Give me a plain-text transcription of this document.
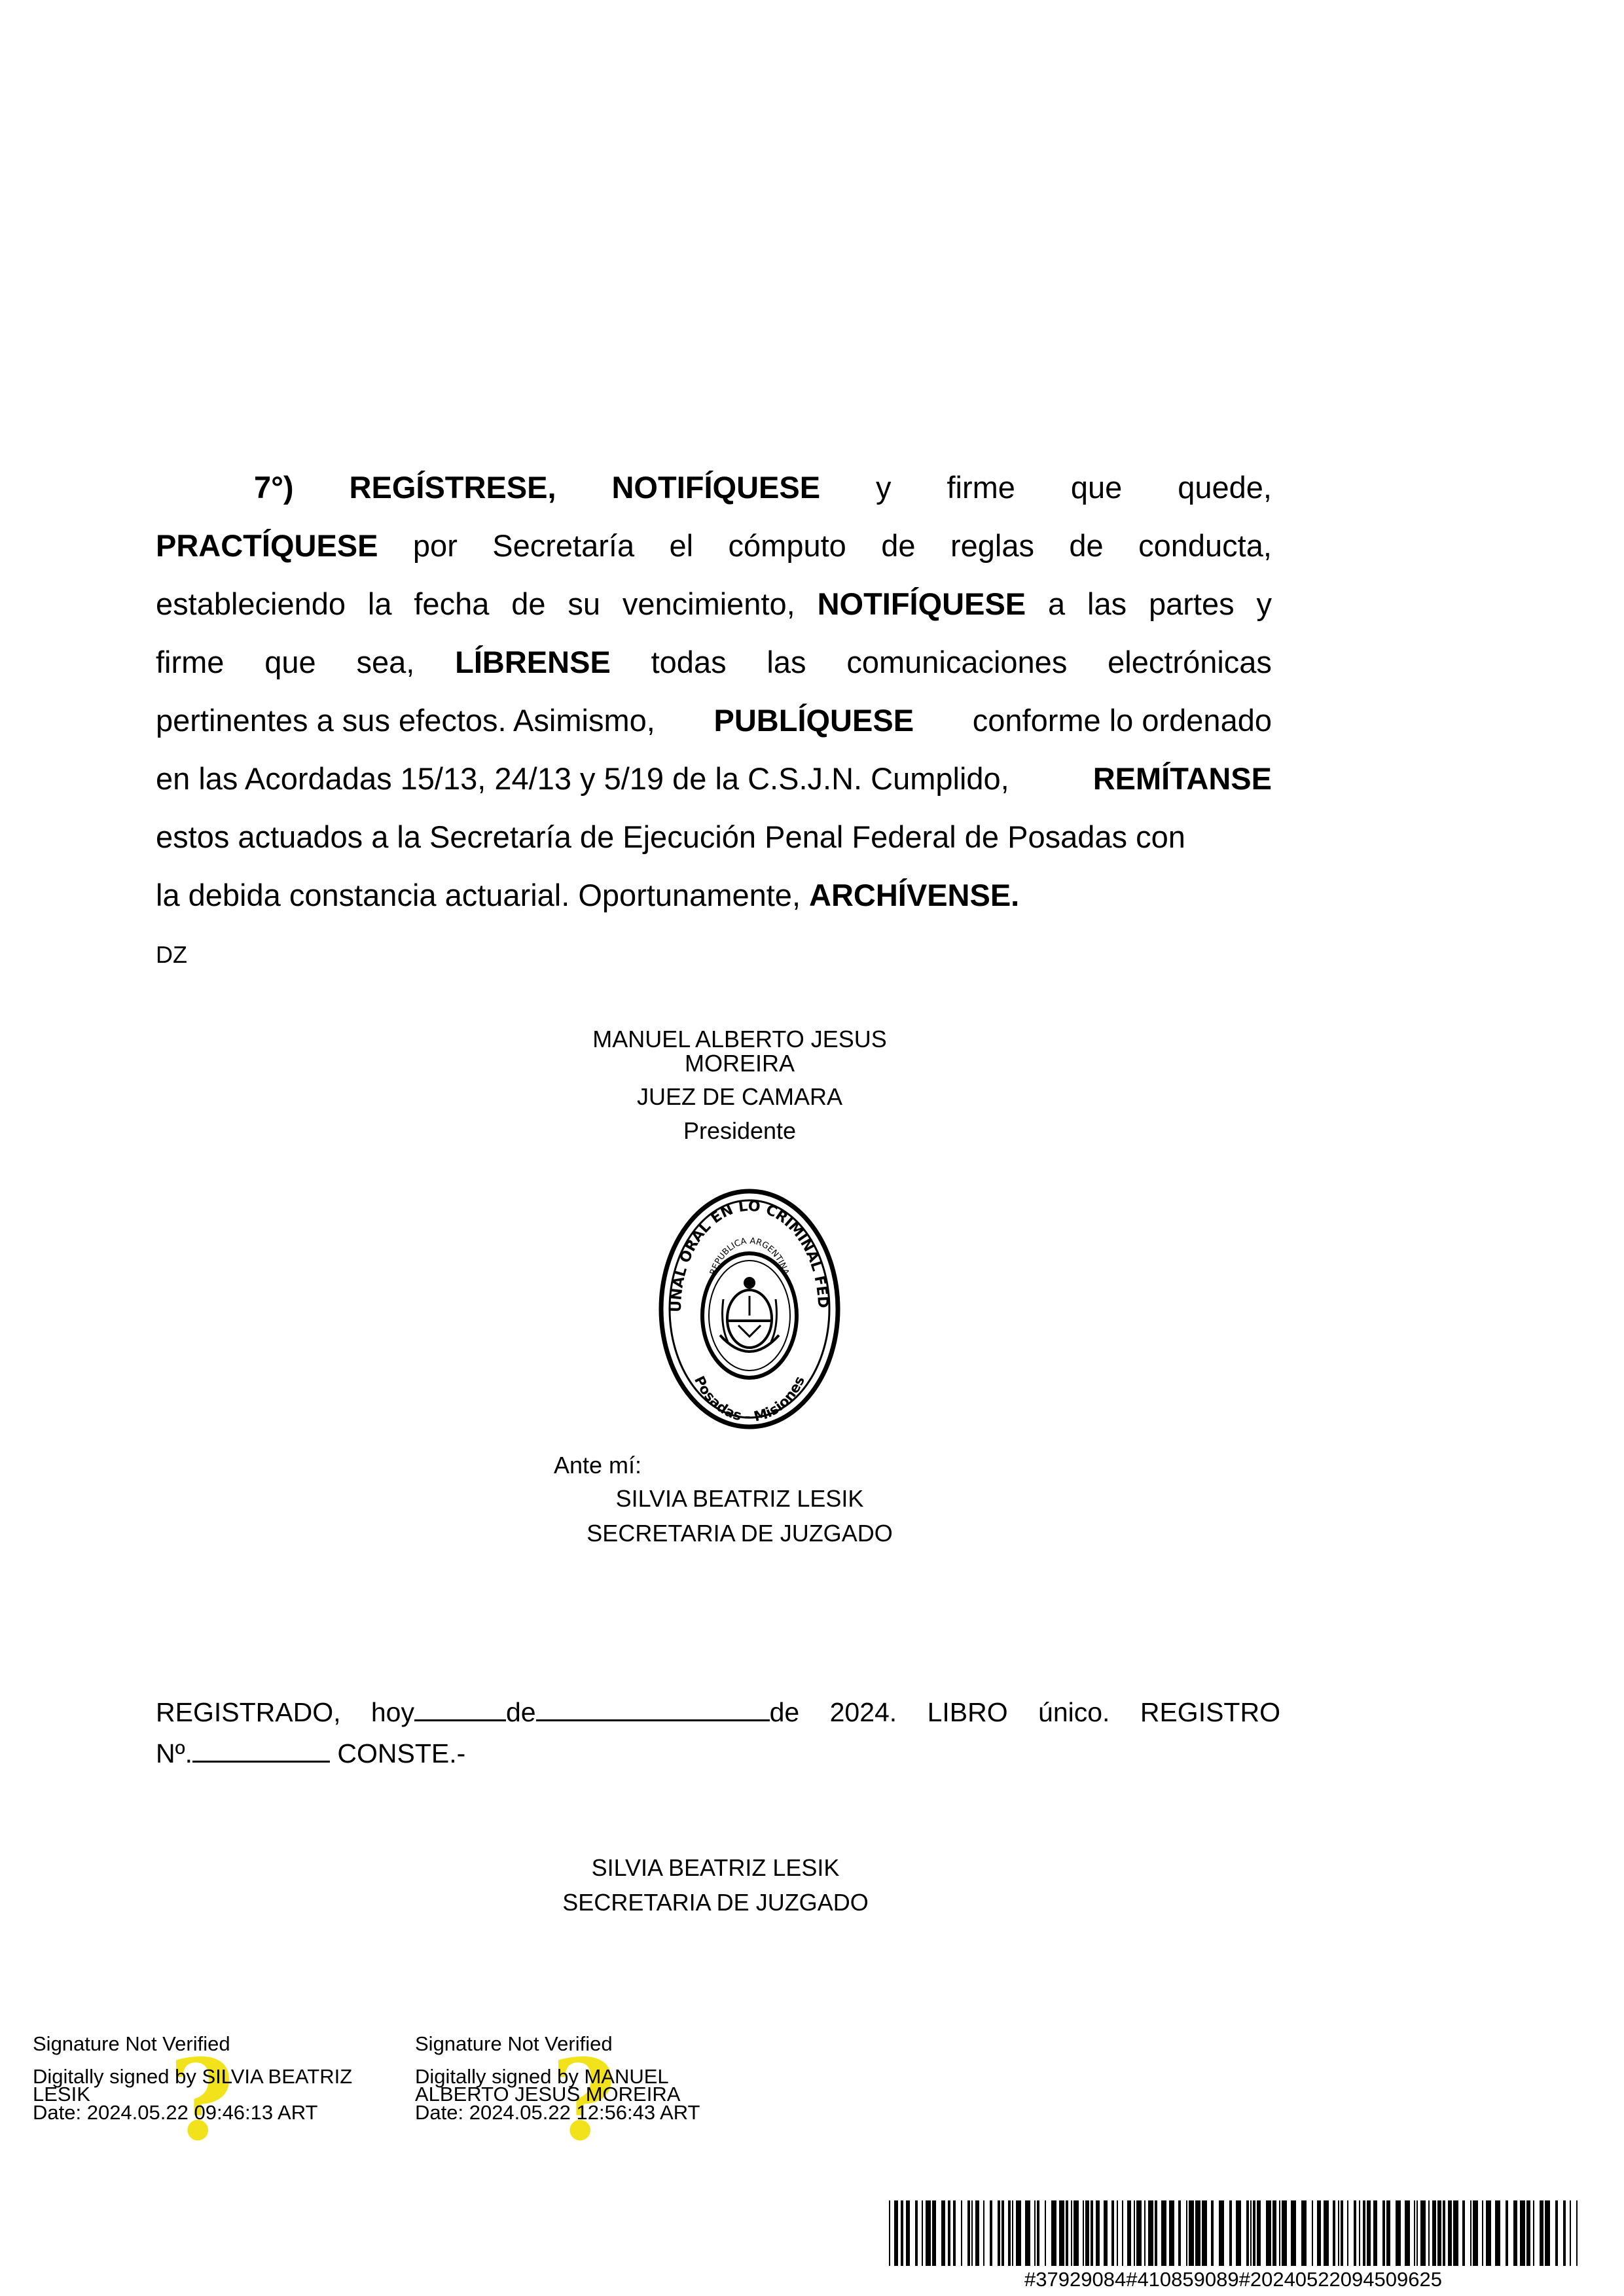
7°) REGÍSTRESE, NOTIFÍQUESE y firme que quede,
PRACTÍQUESE por Secretaría el cómputo de reglas de conducta,
estableciendo la fecha de su vencimiento, NOTIFÍQUESE a las partes y
firme que sea, LÍBRENSE todas las comunicaciones electrónicas
pertinentes a sus efectos. Asimismo, PUBLÍQUESE conforme lo ordenado
en las Acordadas 15/13, 24/13 y 5/19 de la C.S.J.N. Cumplido,	REMÍTANSE
estos actuados a la Secretaría de Ejecución Penal Federal de Posadas con
la debida constancia actuarial. Oportunamente, ARCHÍVENSE.
DZ
MANUEL ALBERTO JESUS
MOREIRA
JUEZ DE CAMARA
Presidente
UNAL ORAL EN LO CRIMINAL FED
REPUBLICA ARGENTINA
Posadas - Misiones
Ante mí:
SILVIA BEATRIZ LESIK
SECRETARIA DE JUZGADO
REGISTRADO, hoy	de	de 2024. LIBRO único. REGISTRO
Nº.	CONSTE.-
SILVIA BEATRIZ LESIK
SECRETARIA DE JUZGADO
?
Signature Not Verified
Digitally signed by SILVIA BEATRIZ
LESIK
Date: 2024.05.22 09:46:13 ART	?
Signature Not Verified
Digitally signed by MANUEL
ALBERTO JESUS MOREIRA
Date: 2024.05.22 12:56:43 ART
#37929084#410859089#20240522094509625
